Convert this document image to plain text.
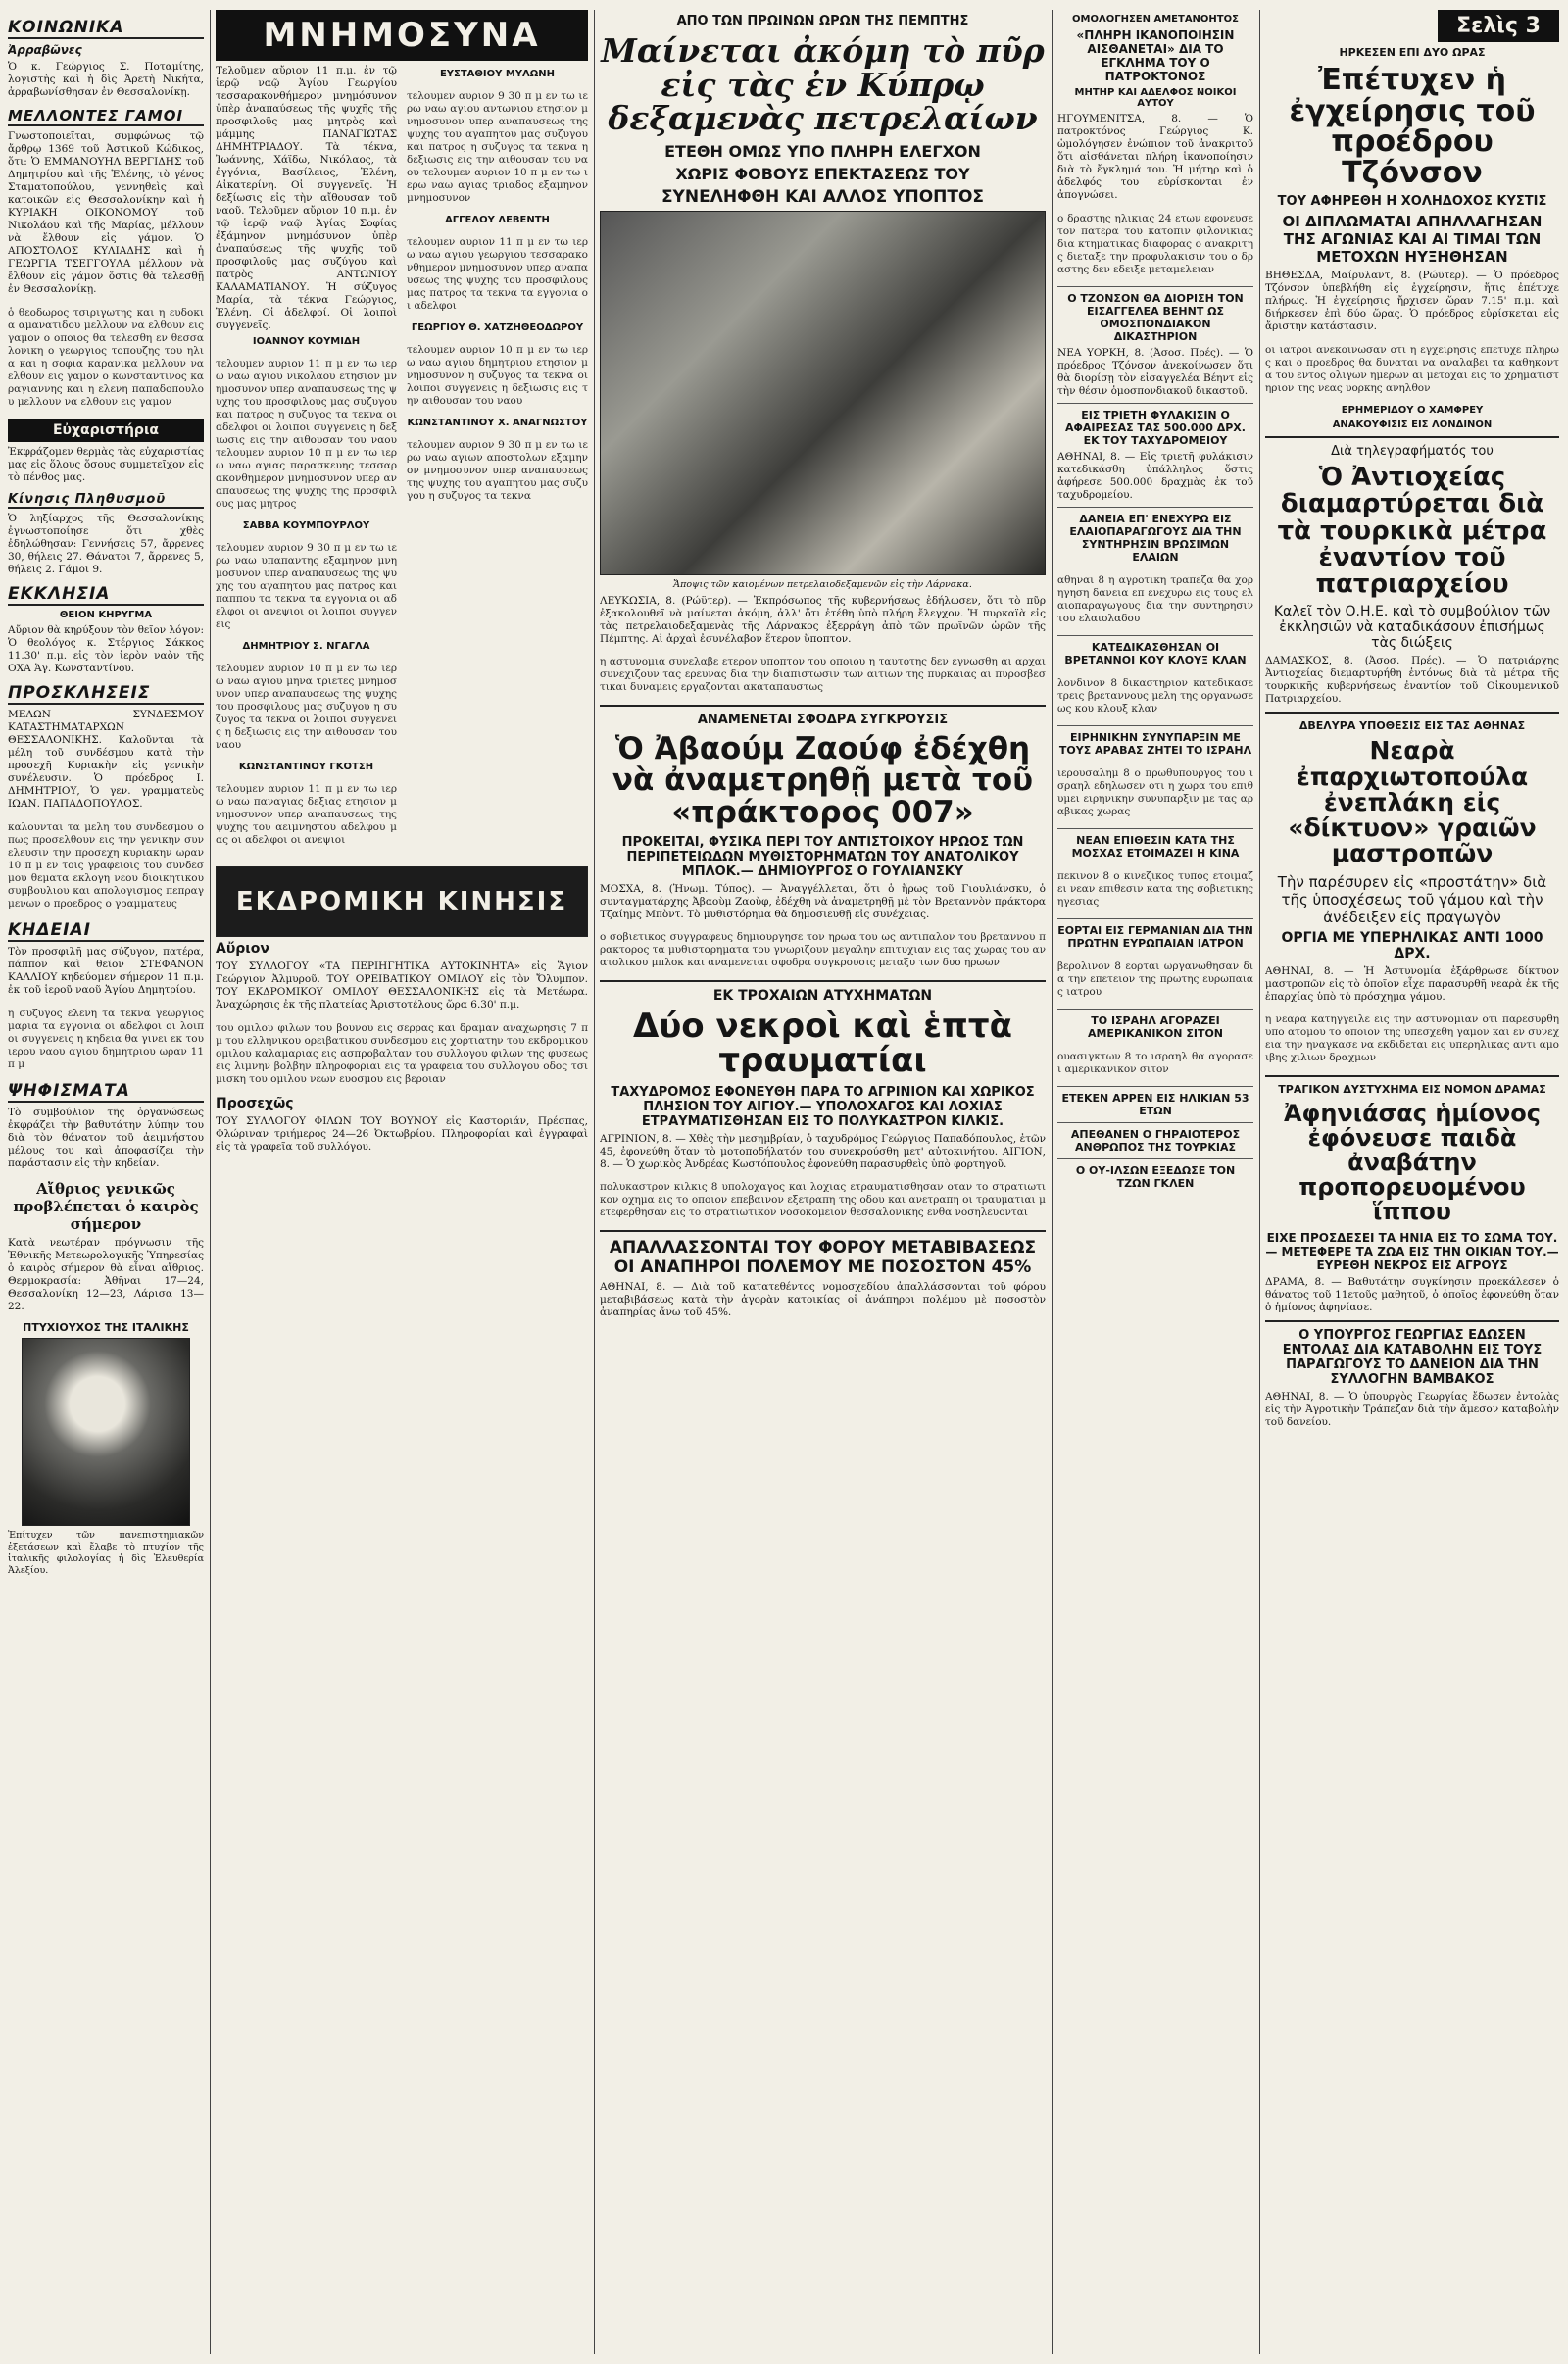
ΚΟΙΝΩΝΙΚΑ
Ἀρραβῶνες

Ὁ κ. Γεώργιος Σ. Ποταμίτης, λογιστὴς καὶ ἡ δὶς Ἀρετὴ Νικήτα, ἀρραβωνίσθησαν ἐν Θεσσαλονίκῃ.

ΜΕΛΛΟΝΤΕΣ ΓΑΜΟΙ

Γνωστοποιεῖται, συμφώνως τῷ ἄρθρῳ 1369 τοῦ Ἀστικοῦ Κώδικος, ὅτι: Ὁ ΕΜΜΑΝΟΥΗΛ ΒΕΡΓΙΔΗΣ τοῦ Δημητρίου καὶ τῆς Ἑλένης, τὸ γένος Σταματοπούλου, γεννηθεὶς καὶ κατοικῶν εἰς Θεσσαλονίκην καὶ ἡ ΚΥΡΙΑΚΗ ΟΙΚΟΝΟΜΟΥ τοῦ Νικολάου καὶ τῆς Μαρίας, μέλλουν νὰ ἔλθουν εἰς γάμον. Ὁ ΑΠΟΣΤΟΛΟΣ ΚΥΛΙΑΔΗΣ καὶ ἡ ΓΕΩΡΓΙΑ ΤΣΕΓΓΟΥΛΑ μέλλουν νὰ ἔλθουν εἰς γάμον ὅστις θὰ τελεσθῇ ἐν Θεσσαλονίκῃ.

ὁ θεοδωρος τσιριγωτης και η ευδοκια αμανατιδου μελλουν να ελθουν εις γαμον ο οποιος θα τελεσθη εν θεσσαλονικη ο γεωργιος τοπουζης του ηλια και η σοφια καρανικα μελλουν να ελθουν εις γαμον ο κωνσταντινος καραγιαννης και η ελενη παπαδοπουλου μελλουν να ελθουν εις γαμον

Εὐχαριστήρια

Ἐκφράζομεν θερμὰς τὰς εὐχαριστίας μας εἰς ὅλους ὅσους συμμετεῖχον εἰς τὸ πένθος μας.

Κίνησις Πληθυσμοῦ

Ὁ ληξίαρχος τῆς Θεσσαλονίκης ἐγνωστοποίησε ὅτι χθὲς ἐδηλώθησαν: Γεννήσεις 57, ἄρρενες 30, θήλεις 27. Θάνατοι 7, ἄρρενες 5, θήλεις 2. Γάμοι 9.

ΕΚΚΛΗΣΙΑ
ΘΕΙΟΝ ΚΗΡΥΓΜΑ

Αὔριον θὰ κηρύξουν τὸν θεῖον λόγον: Ὁ θεολόγος κ. Στέργιος Σάκκος 11.30' π.μ. εἰς τὸν ἱερὸν ναὸν τῆς ΟΧΑ Ἁγ. Κωνσταντίνου.

ΠΡΟΣΚΛΗΣΕΙΣ

ΜΕΛΩΝ ΣΥΝΔΕΣΜΟΥ ΚΑΤΑΣΤΗΜΑΤΑΡΧΩΝ ΘΕΣΣΑΛΟΝΙΚΗΣ. Καλοῦνται τὰ μέλη τοῦ συνδέσμου κατὰ τὴν προσεχῆ Κυριακὴν εἰς γενικὴν συνέλευσιν. Ὁ πρόεδρος Ι. ΔΗΜΗΤΡΙΟΥ, Ὁ γεν. γραμματεὺς ΙΩΑΝ. ΠΑΠΑΔΟΠΟΥΛΟΣ.

καλουνται τα μελη του συνδεσμου οπως προσελθουν εις την γενικην συνελευσιν την προσεχη κυριακην ωραν 10 π μ εν τοις γραφειοις του συνδεσμου θεματα εκλογη νεου διοικητικου συμβουλιου και απολογισμος πεπραγμενων ο προεδρος ο γραμματευς

ΚΗΔΕΙΑΙ

Τὸν προσφιλῆ μας σύζυγον, πατέρα, πάππον καὶ θεῖον ΣΤΕΦΑΝΟΝ ΚΑΛΛΙΟΥ κηδεύομεν σήμερον 11 π.μ. ἐκ τοῦ ἱεροῦ ναοῦ Ἁγίου Δημητρίου.

η συζυγος ελενη τα τεκνα γεωργιος μαρια τα εγγονια οι αδελφοι οι λοιποι συγγενεις η κηδεια θα γινει εκ του ιερου ναου αγιου δημητριου ωραν 11 π μ

ΨΗΦΙΣΜΑΤΑ

Τὸ συμβούλιον τῆς ὀργανώσεως ἐκφράζει τὴν βαθυτάτην λύπην του διὰ τὸν θάνατον τοῦ ἀειμνήστου μέλους του καὶ ἀποφασίζει τὴν παράστασιν εἰς τὴν κηδείαν.

Αἴθριος γενικῶς προβλέπεται ὁ καιρὸς σήμερον

Κατὰ νεωτέραν πρόγνωσιν τῆς Ἐθνικῆς Μετεωρολογικῆς Ὑπηρεσίας ὁ καιρὸς σήμερον θὰ εἶναι αἴθριος. Θερμοκρασία: Ἀθῆναι 17—24, Θεσσαλονίκη 12—23, Λάρισα 13—22.

ΠΤΥΧΙΟΥΧΟΣ ΤΗΣ ΙΤΑΛΙΚΗΣ

Ἐπίτυχεν τῶν πανεπιστημιακῶν ἐξετάσεων καὶ ἔλαβε τὸ πτυχίον τῆς ἰταλικῆς φιλολογίας ἡ δὶς Ἐλευθερία Ἀλεξίου.

ΜΝΗΜΟΣΥΝΑ

Τελοῦμεν αὔριον 11 π.μ. ἐν τῷ ἱερῷ ναῷ Ἁγίου Γεωργίου τεσσαρακονθήμερον μνημόσυνον ὑπὲρ ἀναπαύσεως τῆς ψυχῆς τῆς προσφιλοῦς μας μητρὸς καὶ μάμμης ΠΑΝΑΓΙΩΤΑΣ ΔΗΜΗΤΡΙΑΔΟΥ. Τὰ τέκνα, Ἰωάννης, Χάϊδω, Νικόλαος, τὰ ἐγγόνια, Βασίλειος, Ἑλένη, Αἰκατερίνη. Οἱ συγγενεῖς. Ἡ δεξίωσις εἰς τὴν αἴθουσαν τοῦ ναοῦ. Τελοῦμεν αὔριον 10 π.μ. ἐν τῷ ἱερῷ ναῷ Ἁγίας Σοφίας ἐξάμηνον μνημόσυνον ὑπὲρ ἀναπαύσεως τῆς ψυχῆς τοῦ προσφιλοῦς μας συζύγου καὶ πατρὸς ΑΝΤΩΝΙΟΥ ΚΑΛΑΜΑΤΙΑΝΟΥ. Ἡ σύζυγος Μαρία, τὰ τέκνα Γεώργιος, Ἑλένη. Οἱ ἀδελφοί. Οἱ λοιποὶ συγγενεῖς.

ΙΟΑΝΝΟΥ ΚΟΥΜΙΔΗ

τελουμεν αυριον 11 π μ εν τω ιερω ναω αγιου νικολαου ετησιον μνημοσυνον υπερ αναπαυσεως της ψυχης του προσφιλους μας συζυγου και πατρος η συζυγος τα τεκνα οι αδελφοι οι λοιποι συγγενεις η δεξιωσις εις την αιθουσαν του ναου τελουμεν αυριον 10 π μ εν τω ιερω ναω αγιας παρασκευης τεσσαρακονθημερον μνημοσυνον υπερ αναπαυσεως της ψυχης της προσφιλους μας μητρος

ΣΑΒΒΑ ΚΟΥΜΠΟΥΡΛΟΥ

τελουμεν αυριον 9 30 π μ εν τω ιερω ναω υπαπαντης εξαμηνον μνημοσυνον υπερ αναπαυσεως της ψυχης του αγαπητου μας πατρος και παππου τα τεκνα τα εγγονια οι αδελφοι οι ανεψιοι οι λοιποι συγγενεις

ΔΗΜΗΤΡΙΟΥ Σ. ΝΓΑΓΛΑ

τελουμεν αυριον 10 π μ εν τω ιερω ναω αγιου μηνα τριετες μνημοσυνον υπερ αναπαυσεως της ψυχης του προσφιλους μας συζυγου η συζυγος τα τεκνα οι λοιποι συγγενεις η δεξιωσις εις την αιθουσαν του ναου

ΚΩΝΣΤΑΝΤΙΝΟΥ ΓΚΟΤΣΗ

τελουμεν αυριον 11 π μ εν τω ιερω ναω παναγιας δεξιας ετησιον μνημοσυνον υπερ αναπαυσεως της ψυχης του αειμνηστου αδελφου μας οι αδελφοι οι ανεψιοι

ΕΥΣΤΑΘΙΟΥ ΜΥΛΩΝΗ

τελουμεν αυριον 9 30 π μ εν τω ιερω ναω αγιου αντωνιου ετησιον μνημοσυνον υπερ αναπαυσεως της ψυχης του αγαπητου μας συζυγου και πατρος η συζυγος τα τεκνα η δεξιωσις εις την αιθουσαν του ναου τελουμεν αυριον 10 π μ εν τω ιερω ναω αγιας τριαδος εξαμηνον μνημοσυνον

ΑΓΓΕΛΟΥ ΛΕΒΕΝΤΗ

τελουμεν αυριον 11 π μ εν τω ιερω ναω αγιου γεωργιου τεσσαρακονθημερον μνημοσυνον υπερ αναπαυσεως της ψυχης του προσφιλους μας πατρος τα τεκνα τα εγγονια οι αδελφοι

ΓΕΩΡΓΙΟΥ Θ. ΧΑΤΖΗΘΕΟΔΩΡΟΥ

τελουμεν αυριον 10 π μ εν τω ιερω ναω αγιου δημητριου ετησιον μνημοσυνον η συζυγος τα τεκνα οι λοιποι συγγενεις η δεξιωσις εις την αιθουσαν του ναου

ΚΩΝΣΤΑΝΤΙΝΟΥ Χ. ΑΝΑΓΝΩΣΤΟΥ

τελουμεν αυριον 9 30 π μ εν τω ιερω ναω αγιων αποστολων εξαμηνον μνημοσυνον υπερ αναπαυσεως της ψυχης του αγαπητου μας συζυγου η συζυγος τα τεκνα

ΕΚΔΡΟΜΙΚΗ ΚΙΝΗΣΙΣ
Αὔριον

ΤΟΥ ΣΥΛΛΟΓΟΥ «ΤΑ ΠΕΡΙΗΓΗΤΙΚΑ ΑΥΤΟΚΙΝΗΤΑ» εἰς Ἅγιον Γεώργιον Ἀλμυροῦ. ΤΟΥ ΟΡΕΙΒΑΤΙΚΟΥ ΟΜΙΛΟΥ εἰς τὸν Ὄλυμπον. ΤΟΥ ΕΚΔΡΟΜΙΚΟΥ ΟΜΙΛΟΥ ΘΕΣΣΑΛΟΝΙΚΗΣ εἰς τὰ Μετέωρα. Ἀναχώρησις ἐκ τῆς πλατείας Ἀριστοτέλους ὥρα 6.30' π.μ.

του ομιλου φιλων του βουνου εις σερρας και δραμαν αναχωρησις 7 π μ του ελληνικου ορειβατικου συνδεσμου εις χορτιατην του εκδρομικου ομιλου καλαμαριας εις ασπροβαλταν του συλλογου φιλων της φυσεως εις λιμνην βολβην πληροφοριαι εις τα γραφεια του συλλογου οδος τσιμισκη του ομιλου νεων ευοσμου εις βεροιαν

Προσεχῶς

ΤΟΥ ΣΥΛΛΟΓΟΥ ΦΙΛΩΝ ΤΟΥ ΒΟΥΝΟΥ εἰς Καστοριάν, Πρέσπας, Φλώριναν τριήμερος 24—26 Ὀκτωβρίου. Πληροφορίαι καὶ ἐγγραφαὶ εἰς τὰ γραφεῖα τοῦ συλλόγου.

ΑΠΟ ΤΩΝ ΠΡΩΙΝΩΝ ΩΡΩΝ ΤΗΣ ΠΕΜΠΤΗΣ
Μαίνεται ἀκόμη τὸ πῦρ εἰς τὰς ἐν Κύπρῳ δεξαμενὰς πετρελαίων
ΕΤΕΘΗ ΟΜΩΣ ΥΠΟ ΠΛΗΡΗ ΕΛΕΓΧΟΝ
ΧΩΡΙΣ ΦΟΒΟΥΣ ΕΠΕΚΤΑΣΕΩΣ ΤΟΥ
ΣΥΝΕΛΗΦΘΗ ΚΑΙ ΑΛΛΟΣ ΥΠΟΠΤΟΣ

Ἄποψις τῶν καιομένων πετρελαιοδεξαμενῶν εἰς τὴν Λάρνακα.

ΛΕΥΚΩΣΙΑ, 8. (Ρώϋτερ). — Ἐκπρόσωπος τῆς κυβερνήσεως ἐδήλωσεν, ὅτι τὸ πῦρ ἐξακολουθεῖ νὰ μαίνεται ἀκόμη, ἀλλ' ὅτι ἐτέθη ὑπὸ πλήρη ἔλεγχον. Ἡ πυρκαϊὰ εἰς τὰς πετρελαιοδεξαμενὰς τῆς Λάρνακος ἐξερράγη ἀπὸ τῶν πρωϊνῶν ὡρῶν τῆς Πέμπτης. Αἱ ἀρχαὶ ἐσυνέλαβον ἕτερον ὕποπτον.

η αστυνομια συνελαβε ετερον υποπτον του οποιου η ταυτοτης δεν εγνωσθη αι αρχαι συνεχιζουν τας ερευνας δια την διαπιστωσιν των αιτιων της πυρκαιας αι πυροσβεστικαι δυναμεις εργαζονται ακαταπαυστως

ΑΝΑΜΕΝΕΤΑΙ ΣΦΟΔΡΑ ΣΥΓΚΡΟΥΣΙΣ
Ὁ Ἀβαούμ Ζαούφ ἐδέχθη νὰ ἀναμετρηθῇ μετὰ τοῦ «πράκτορος 007»
ΠΡΟΚΕΙΤΑΙ, ΦΥΣΙΚΑ ΠΕΡΙ ΤΟΥ ΑΝΤΙΣΤΟΙΧΟΥ ΗΡΩΟΣ ΤΩΝ ΠΕΡΙΠΕΤΕΙΩΔΩΝ ΜΥΘΙΣΤΟΡΗΜΑΤΩΝ ΤΟΥ ΑΝΑΤΟΛΙΚΟΥ ΜΠΛΟΚ.— ΔΗΜΙΟΥΡΓΟΣ Ο ΓΟΥΛΙΑΝΣΚΥ

ΜΟΣΧΑ, 8. (Ἠνωμ. Τύπος). — Ἀναγγέλλεται, ὅτι ὁ ἥρως τοῦ Γιουλιάνσκυ, ὁ συνταγματάρχης Ἀβαοὺμ Ζαοὺφ, ἐδέχθη νὰ ἀναμετρηθῇ μὲ τὸν Βρεταννὸν πράκτορα Τζαίημς Μπὸντ. Τὸ μυθιστόρημα θὰ δημοσιευθῇ εἰς συνέχειας.

ο σοβιετικος συγγραφευς δημιουργησε τον ηρωα του ως αντιπαλον του βρεταννου πρακτορος τα μυθιστορηματα του γνωριζουν μεγαλην επιτυχιαν εις τας χωρας του ανατολικου μπλοκ και αναμενεται σφοδρα συγκρουσις μεταξυ των δυο ηρωων

ΕΚ ΤΡΟΧΑΙΩΝ ΑΤΥΧΗΜΑΤΩΝ
Δύο νεκροὶ καὶ ἑπτὰ τραυματίαι
ΤΑΧΥΔΡΟΜΟΣ ΕΦΟΝΕΥΘΗ ΠΑΡΑ ΤΟ ΑΓΡΙΝΙΟΝ ΚΑΙ ΧΩΡΙΚΟΣ ΠΛΗΣΙΟΝ ΤΟΥ ΑΙΓΙΟΥ.— ΥΠΟΛΟΧΑΓΟΣ ΚΑΙ ΛΟΧΙΑΣ ΕΤΡΑΥΜΑΤΙΣΘΗΣΑΝ ΕΙΣ ΤΟ ΠΟΛΥΚΑΣΤΡΟΝ ΚΙΛΚΙΣ.

ΑΓΡΙΝΙΟΝ, 8. — Χθὲς τὴν μεσημβρίαν, ὁ ταχυδρόμος Γεώργιος Παπαδόπουλος, ἐτῶν 45, ἐφονεύθη ὅταν τὸ μοτοποδήλατόν του συνεκρούσθη μετ' αὐτοκινήτου. ΑΙΓΙΟΝ, 8. — Ὁ χωρικὸς Ἀνδρέας Κωστόπουλος ἐφονεύθη παρασυρθεὶς ὑπὸ φορτηγοῦ.

πολυκαστρον κιλκις 8 υπολοχαγος και λοχιας ετραυματισθησαν οταν το στρατιωτικον οχημα εις το οποιον επεβαινον εξετραπη της οδου και ανετραπη οι τραυματιαι μετεφερθησαν εις το στρατιωτικον νοσοκομειον θεσσαλονικης ενθα νοσηλευονται

ΑΠΑΛΛΑΣΣΟΝΤΑΙ ΤΟΥ ΦΟΡΟΥ ΜΕΤΑΒΙΒΑΣΕΩΣ ΟΙ ΑΝΑΠΗΡΟΙ ΠΟΛΕΜΟΥ ΜΕ ΠΟΣΟΣΤΟΝ 45%

ΑΘΗΝΑΙ, 8. — Διὰ τοῦ κατατεθέντος νομοσχεδίου ἀπαλλάσσονται τοῦ φόρου μεταβιβάσεως κατὰ τὴν ἀγορὰν κατοικίας οἱ ἀνάπηροι πολέμου μὲ ποσοστὸν ἀναπηρίας ἄνω τοῦ 45%.

ΟΜΟΛΟΓΗΣΕΝ ΑΜΕΤΑΝΟΗΤΟΣ
«ΠΛΗΡΗ ΙΚΑΝΟΠΟΙΗΣΙΝ ΑΙΣΘΑΝΕΤΑΙ» ΔΙΑ ΤΟ ΕΓΚΛΗΜΑ ΤΟΥ Ο ΠΑΤΡΟΚΤΟΝΟΣ
ΜΗΤΗΡ ΚΑΙ ΑΔΕΛΦΟΣ ΝΟΙΚΟΙ ΑΥΤΟΥ

ΗΓΟΥΜΕΝΙΤΣΑ, 8. — Ὁ πατροκτόνος Γεώργιος Κ. ὡμολόγησεν ἐνώπιον τοῦ ἀνακριτοῦ ὅτι αἰσθάνεται πλήρη ἱκανοποίησιν διὰ τὸ ἔγκλημά του. Ἡ μήτηρ καὶ ὁ ἀδελφός του εὑρίσκονται ἐν ἀπογνώσει.

ο δραστης ηλικιας 24 ετων εφονευσε τον πατερα του κατοπιν φιλονικιας δια κτηματικας διαφορας ο ανακριτης διεταξε την προφυλακισιν του ο δραστης δεν εδειξε μεταμελειαν

Ο ΤΖΟΝΣΟΝ ΘΑ ΔΙΟΡΙΣΗ ΤΟΝ ΕΙΣΑΓΓΕΛΕΑ ΒΕΗΝΤ ΩΣ ΟΜΟΣΠΟΝΔΙΑΚΟΝ ΔΙΚΑΣΤΗΡΙΟΝ

ΝΕΑ ΥΟΡΚΗ, 8. (Ἀσοσ. Πρές). — Ὁ πρόεδρος Τζόνσον ἀνεκοίνωσεν ὅτι θὰ διορίσῃ τὸν εἰσαγγελέα Βέηντ εἰς τὴν θέσιν ὁμοσπονδιακοῦ δικαστοῦ.

ΕΙΣ ΤΡΙΕΤΗ ΦΥΛΑΚΙΣΙΝ Ο ΑΦΑΙΡΕΣΑΣ ΤΑΣ 500.000 ΔΡΧ. ΕΚ ΤΟΥ ΤΑΧΥΔΡΟΜΕΙΟΥ

ΑΘΗΝΑΙ, 8. — Εἰς τριετῆ φυλάκισιν κατεδικάσθη ὑπάλληλος ὅστις ἀφήρεσε 500.000 δραχμὰς ἐκ τοῦ ταχυδρομείου.

ΔΑΝΕΙΑ ΕΠ' ΕΝΕΧΥΡΩ ΕΙΣ ΕΛΑΙΟΠΑΡΑΓΩΓΟΥΣ ΔΙΑ ΤΗΝ ΣΥΝΤΗΡΗΣΙΝ ΒΡΩΣΙΜΩΝ ΕΛΑΙΩΝ

αθηναι 8 η αγροτικη τραπεζα θα χορηγηση δανεια επ ενεχυρω εις τους ελαιοπαραγωγους δια την συντηρησιν του ελαιολαδου

ΚΑΤΕΔΙΚΑΣΘΗΣΑΝ ΟΙ ΒΡΕΤΑΝΝΟΙ ΚΟΥ ΚΛΟΥΞ ΚΛΑΝ

λονδινον 8 δικαστηριον κατεδικασε τρεις βρεταννους μελη της οργανωσεως κου κλουξ κλαν

ΕΙΡΗΝΙΚΗΝ ΣΥΝΥΠΑΡΞΙΝ ΜΕ ΤΟΥΣ ΑΡΑΒΑΣ ΖΗΤΕΙ ΤΟ ΙΣΡΑΗΛ

ιερουσαλημ 8 ο πρωθυπουργος του ισραηλ εδηλωσεν οτι η χωρα του επιθυμει ειρηνικην συνυπαρξιν με τας αραβικας χωρας

ΝΕΑΝ ΕΠΙΘΕΣΙΝ ΚΑΤΑ ΤΗΣ ΜΟΣΧΑΣ ΕΤΟΙΜΑΖΕΙ Η ΚΙΝΑ

πεκινον 8 ο κινεζικος τυπος ετοιμαζει νεαν επιθεσιν κατα της σοβιετικης ηγεσιας

ΕΟΡΤΑΙ ΕΙΣ ΓΕΡΜΑΝΙΑΝ ΔΙΑ ΤΗΝ ΠΡΩΤΗΝ ΕΥΡΩΠΑΙΑΝ ΙΑΤΡΟΝ

βερολινον 8 εορται ωργανωθησαν δια την επετειον της πρωτης ευρωπαιας ιατρου

ΤΟ ΙΣΡΑΗΛ ΑΓΟΡΑΖΕΙ ΑΜΕΡΙΚΑΝΙΚΟΝ ΣΙΤΟΝ

ουασιγκτων 8 το ισραηλ θα αγορασει αμερικανικον σιτον

ΕΤΕΚΕΝ ΑΡΡΕΝ ΕΙΣ ΗΛΙΚΙΑΝ 53 ΕΤΩΝ
ΑΠΕΘΑΝΕΝ Ο ΓΗΡΑΙΟΤΕΡΟΣ ΑΝΘΡΩΠΟΣ ΤΗΣ ΤΟΥΡΚΙΑΣ
Ο ΟΥ-ΙΛΣΩΝ ΕΞΕΔΩΣΕ ΤΟΝ ΤΖΩΝ ΓΚΛΕΝ
Σελὶς 3
ΗΡΚΕΣΕΝ ΕΠΙ ΔΥΟ ΩΡΑΣ
Ἐπέτυχεν ἡ ἐγχείρησις τοῦ προέδρου Τζόνσον
ΤΟΥ ΑΦΗΡΕΘΗ Η ΧΟΛΗΔΟΧΟΣ ΚΥΣΤΙΣ
ΟΙ ΔΙΠΛΩΜΑΤΑΙ ΑΠΗΛΛΑΓΗΣΑΝ ΤΗΣ ΑΓΩΝΙΑΣ ΚΑΙ ΑΙ ΤΙΜΑΙ ΤΩΝ ΜΕΤΟΧΩΝ ΗΥΞΗΘΗΣΑΝ

ΒΗΘΕΣΔΑ, Μαίρυλαντ, 8. (Ρώϋτερ). — Ὁ πρόεδρος Τζόνσον ὑπεβλήθη εἰς ἐγχείρησιν, ἥτις ἐπέτυχε πλήρως. Ἡ ἐγχείρησις ἤρχισεν ὥραν 7.15' π.μ. καὶ διήρκεσεν ἐπὶ δύο ὥρας. Ὁ πρόεδρος εὑρίσκεται εἰς ἄριστην κατάστασιν.

οι ιατροι ανεκοινωσαν οτι η εγχειρησις επετυχε πληρως και ο προεδρος θα δυναται να αναλαβει τα καθηκοντα του εντος ολιγων ημερων αι μετοχαι εις το χρηματιστηριον της νεας υορκης ανηλθον

ΕΡΗΜΕΡΙΔΟΥ Ο ΧΑΜΦΡΕΥ
ΑΝΑΚΟΥΦΙΣΙΣ ΕΙΣ ΛΟΝΔΙΝΟΝ
Διὰ τηλεγραφήματός του
Ὁ Ἀντιοχείας διαμαρτύρεται διὰ τὰ τουρκικὰ μέτρα ἐναντίον τοῦ πατριαρχείου
Καλεῖ τὸν Ο.Η.Ε. καὶ τὸ συμβούλιον τῶν ἐκκλησιῶν νὰ καταδικάσουν ἐπισήμως τὰς διώξεις

ΔΑΜΑΣΚΟΣ, 8. (Ἀσοσ. Πρές). — Ὁ πατριάρχης Ἀντιοχείας διεμαρτυρήθη ἐντόνως διὰ τὰ μέτρα τῆς τουρκικῆς κυβερνήσεως ἐναντίον τοῦ Οἰκουμενικοῦ Πατριαρχείου.

ΔΒΕΛΥΡΑ ΥΠΟΘΕΣΙΣ ΕΙΣ ΤΑΣ ΑΘΗΝΑΣ
Νεαρὰ ἐπαρχιωτοπούλα ἐνεπλάκη εἰς «δίκτυον» γραιῶν μαστροπῶν
Τὴν παρέσυρεν εἰς «προστάτην» διὰ τῆς ὑποσχέσεως τοῦ γάμου καὶ τὴν ἀνέδειξεν εἰς πραγωγὸν
ΟΡΓΙΑ ΜΕ ΥΠΕΡΗΛΙΚΑΣ ΑΝΤΙ 1000 ΔΡΧ.

ΑΘΗΝΑΙ, 8. — Ἡ Ἀστυνομία ἐξάρθρωσε δίκτυον μαστροπῶν εἰς τὸ ὁποῖον εἶχε παρασυρθῆ νεαρὰ ἐκ τῆς ἐπαρχίας ὑπὸ τὸ πρόσχημα γάμου.

η νεαρα κατηγγειλε εις την αστυνομιαν οτι παρεσυρθη υπο ατομου το οποιον της υπεσχεθη γαμον και εν συνεχεια την ηναγκασε να εκδιδεται εις υπερηλικας αντι αμοιβης χιλιων δραχμων

ΤΡΑΓΙΚΟΝ ΔΥΣΤΥΧΗΜΑ ΕΙΣ ΝΟΜΟΝ ΔΡΑΜΑΣ
Ἀφηνιάσας ἡμίονος ἐφόνευσε παιδὰ ἀναβάτην προπορευομένου ἵππου
ΕΙΧΕ ΠΡΟΣΔΕΣΕΙ ΤΑ ΗΝΙΑ ΕΙΣ ΤΟ ΣΩΜΑ ΤΟΥ.— ΜΕΤΕΦΕΡΕ ΤΑ ΖΩΑ ΕΙΣ ΤΗΝ ΟΙΚΙΑΝ ΤΟΥ.— ΕΥΡΕΘΗ ΝΕΚΡΟΣ ΕΙΣ ΑΓΡΟΥΣ

ΔΡΑΜΑ, 8. — Βαθυτάτην συγκίνησιν προεκάλεσεν ὁ θάνατος τοῦ 11ετοῦς μαθητοῦ, ὁ ὁποῖος ἐφονεύθη ὅταν ὁ ἡμίονος ἀφηνίασε.

Ο ΥΠΟΥΡΓΟΣ ΓΕΩΡΓΙΑΣ ΕΔΩΣΕΝ ΕΝΤΟΛΑΣ ΔΙΑ ΚΑΤΑΒΟΛΗΝ ΕΙΣ ΤΟΥΣ ΠΑΡΑΓΩΓΟΥΣ ΤΟ ΔΑΝΕΙΟΝ ΔΙΑ ΤΗΝ ΣΥΛΛΟΓΗΝ ΒΑΜΒΑΚΟΣ

ΑΘΗΝΑΙ, 8. — Ὁ ὑπουργὸς Γεωργίας ἔδωσεν ἐντολὰς εἰς τὴν Ἀγροτικὴν Τράπεζαν διὰ τὴν ἄμεσον καταβολὴν τοῦ δανείου.
